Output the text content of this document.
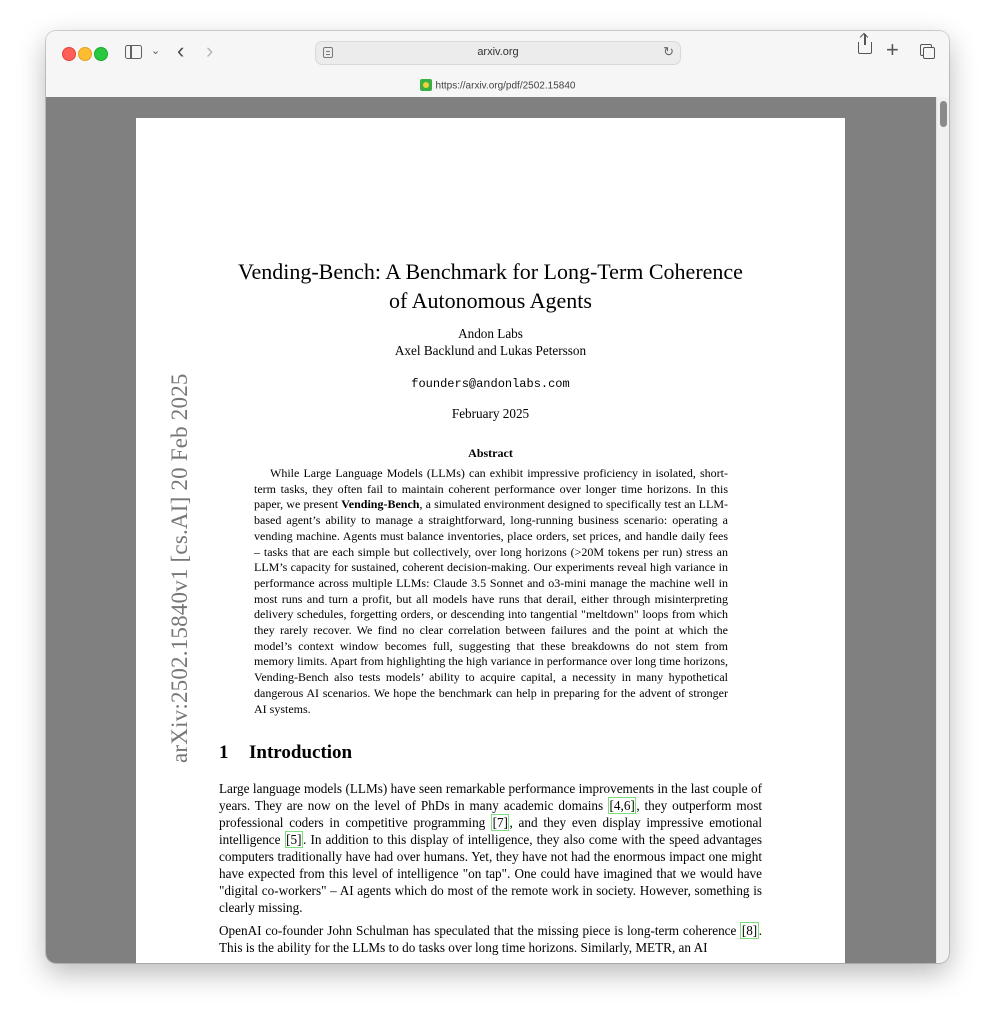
⌄ ‹ ›	arxiv.org	↻	+
https://arxiv.org/pdf/2502.15840
arXiv:2502.15840v1 [cs.AI] 20 Feb 2025
Vending-Bench: A Benchmark for Long-Term Coherence
of Autonomous Agents
Andon Labs
Axel Backlund and Lukas Petersson
founders@andonlabs.com
February 2025
Abstract

While Large Language Models (LLMs) can exhibit impressive proficiency in isolated, short-term tasks, they often fail to maintain coherent performance over longer time horizons. In this paper, we present Vending-Bench, a simulated environment designed to specifically test an LLM-based agent’s ability to manage a straightforward, long-running business scenario: operating a vending machine. Agents must balance inventories, place orders, set prices, and handle daily fees – tasks that are each simple but collectively, over long horizons (>20M tokens per run) stress an LLM’s capacity for sustained, coherent decision-making. Our experiments reveal high variance in performance across multiple LLMs: Claude 3.5 Sonnet and o3-mini manage the machine well in most runs and turn a profit, but all models have runs that derail, either through misinterpreting delivery schedules, forgetting orders, or descending into tangential "meltdown" loops from which they rarely recover. We find no clear correlation between failures and the point at which the model’s context window becomes full, suggesting that these breakdowns do not stem from memory limits. Apart from highlighting the high variance in performance over long time horizons, Vending-Bench also tests models’ ability to acquire capital, a necessity in many hypothetical dangerous AI scenarios. We hope the benchmark can help in preparing for the advent of stronger AI systems.

1 Introduction

Large language models (LLMs) have seen remarkable performance improvements in the last couple of years. They are now on the level of PhDs in many academic domains [4,6] , they outperform most professional coders in competitive programming [7] , and they even display impressive emotional intelligence [5] . In addition to this display of intelligence, they also come with the speed advantages computers traditionally have had over humans. Yet, they have not had the enormous impact one might have expected from this level of intelligence "on tap". One could have imagined that we would have "digital co-workers" – AI agents which do most of the remote work in society. However, something is clearly missing.

OpenAI co-founder John Schulman has speculated that the missing piece is long-term coherence [8] . This is the ability for the LLMs to do tasks over long time horizons. Similarly, METR, an AI
